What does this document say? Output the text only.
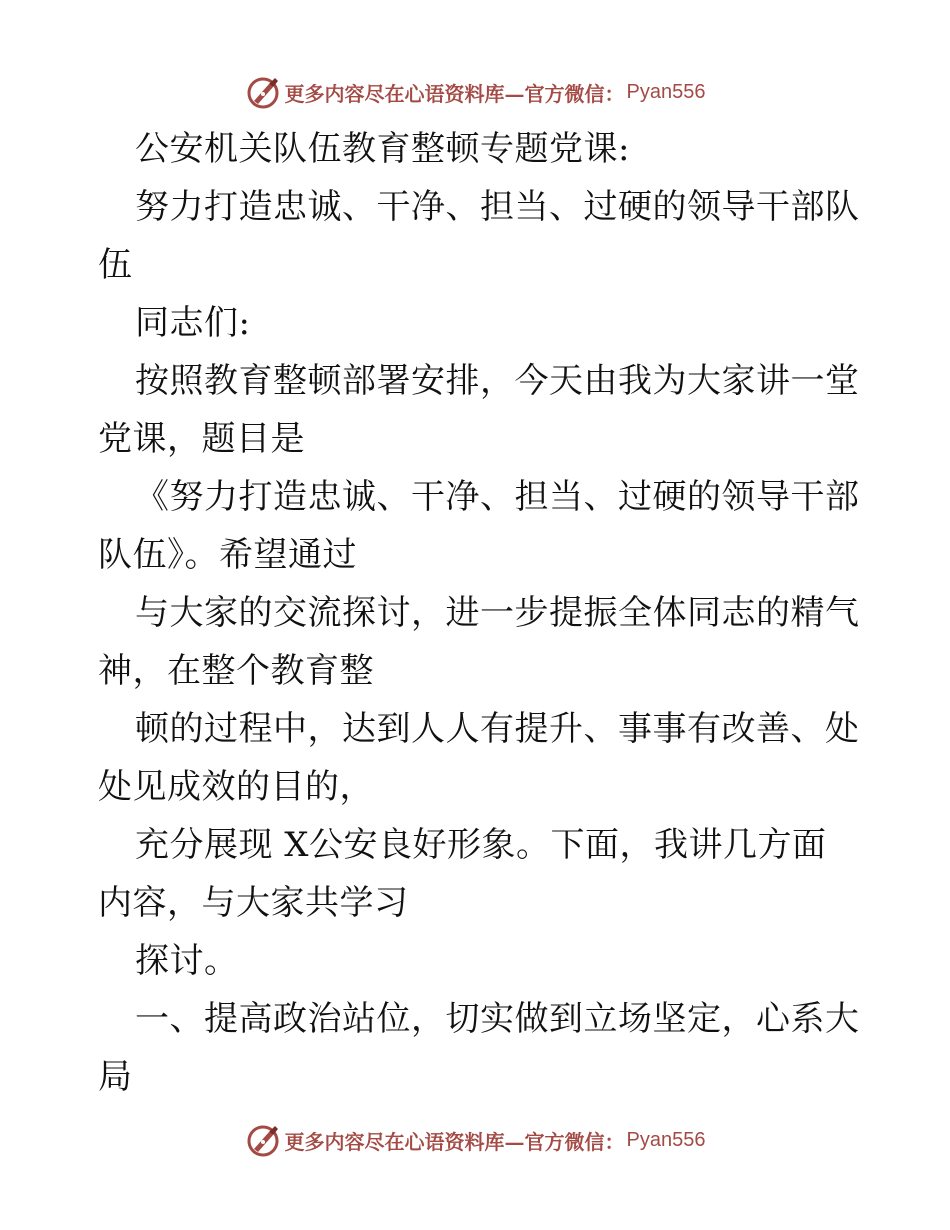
更多内容尽在心语资料库—官方微信： Pyan556
公安机关队伍教育整顿专题党课:
努力打造忠诚、干净、担当、过硬的领导干部队
伍
同志们:
按照教育整顿部署安排，今天由我为大家讲一堂
党课，题目是
《努力打造忠诚、干净、担当、过硬的领导干部
队伍》。希望通过
与大家的交流探讨，进一步提振全体同志的精气
神，在整个教育整
顿的过程中，达到人人有提升、事事有改善、处
处见成效的目的，
充分展现 X公安良好形象。下面，我讲几方面
内容，与大家共学习
探讨。
一、提高政治站位，切实做到立场坚定，心系大
局
更多内容尽在心语资料库—官方微信： Pyan556
